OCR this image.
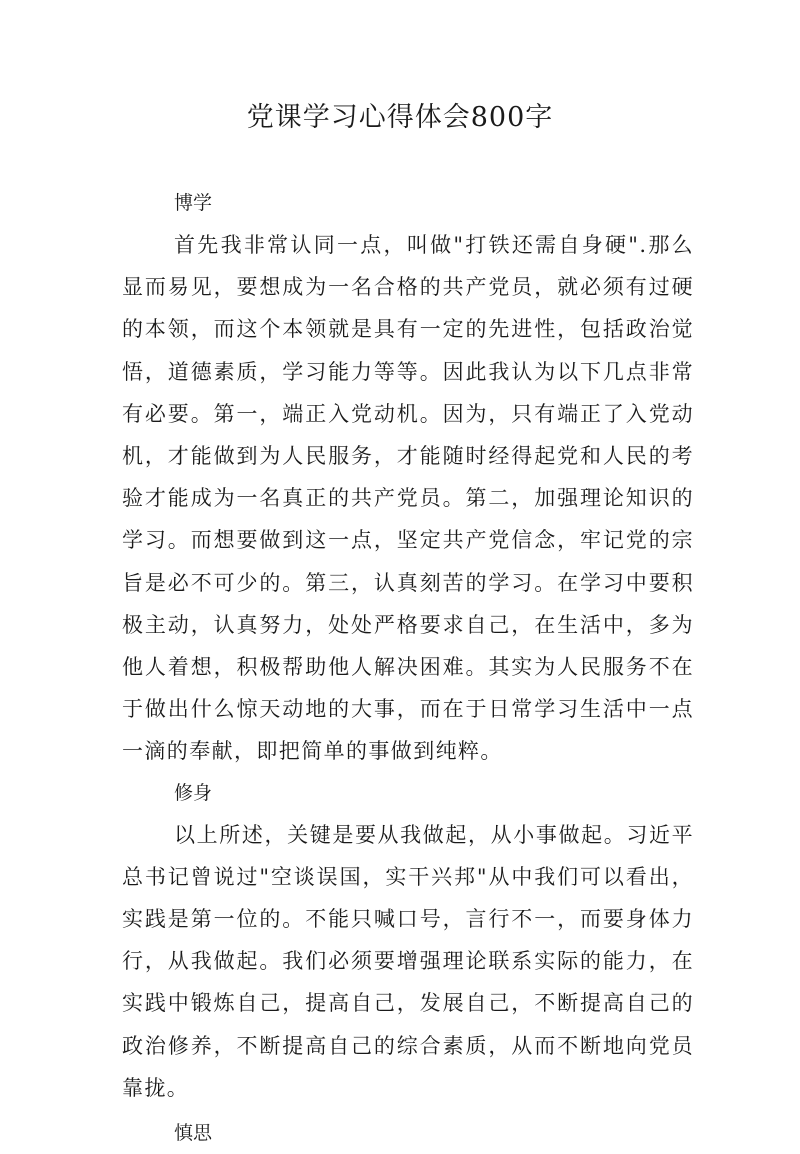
党课学习心得体会800字

博学

首先我非常认同一点，叫做"打铁还需自身硬".那么显而易见，要想成为一名合格的共产党员，就必须有过硬的本领，而这个本领就是具有一定的先进性，包括政治觉悟，道德素质，学习能力等等。因此我认为以下几点非常有必要。第一，端正入党动机。因为，只有端正了入党动机，才能做到为人民服务，才能随时经得起党和人民的考验才能成为一名真正的共产党员。第二，加强理论知识的学习。而想要做到这一点，坚定共产党信念，牢记党的宗旨是必不可少的。第三，认真刻苦的学习。在学习中要积极主动，认真努力，处处严格要求自己，在生活中，多为他人着想，积极帮助他人解决困难。其实为人民服务不在于做出什么惊天动地的大事，而在于日常学习生活中一点一滴的奉献，即把简单的事做到纯粹。

修身

以上所述，关键是要从我做起，从小事做起。习近平总书记曾说过"空谈误国，实干兴邦"从中我们可以看出，实践是第一位的。不能只喊口号，言行不一，而要身体力行，从我做起。我们必须要增强理论联系实际的能力，在实践中锻炼自己，提高自己，发展自己，不断提高自己的政治修养，不断提高自己的综合素质，从而不断地向党员靠拢。

慎思
